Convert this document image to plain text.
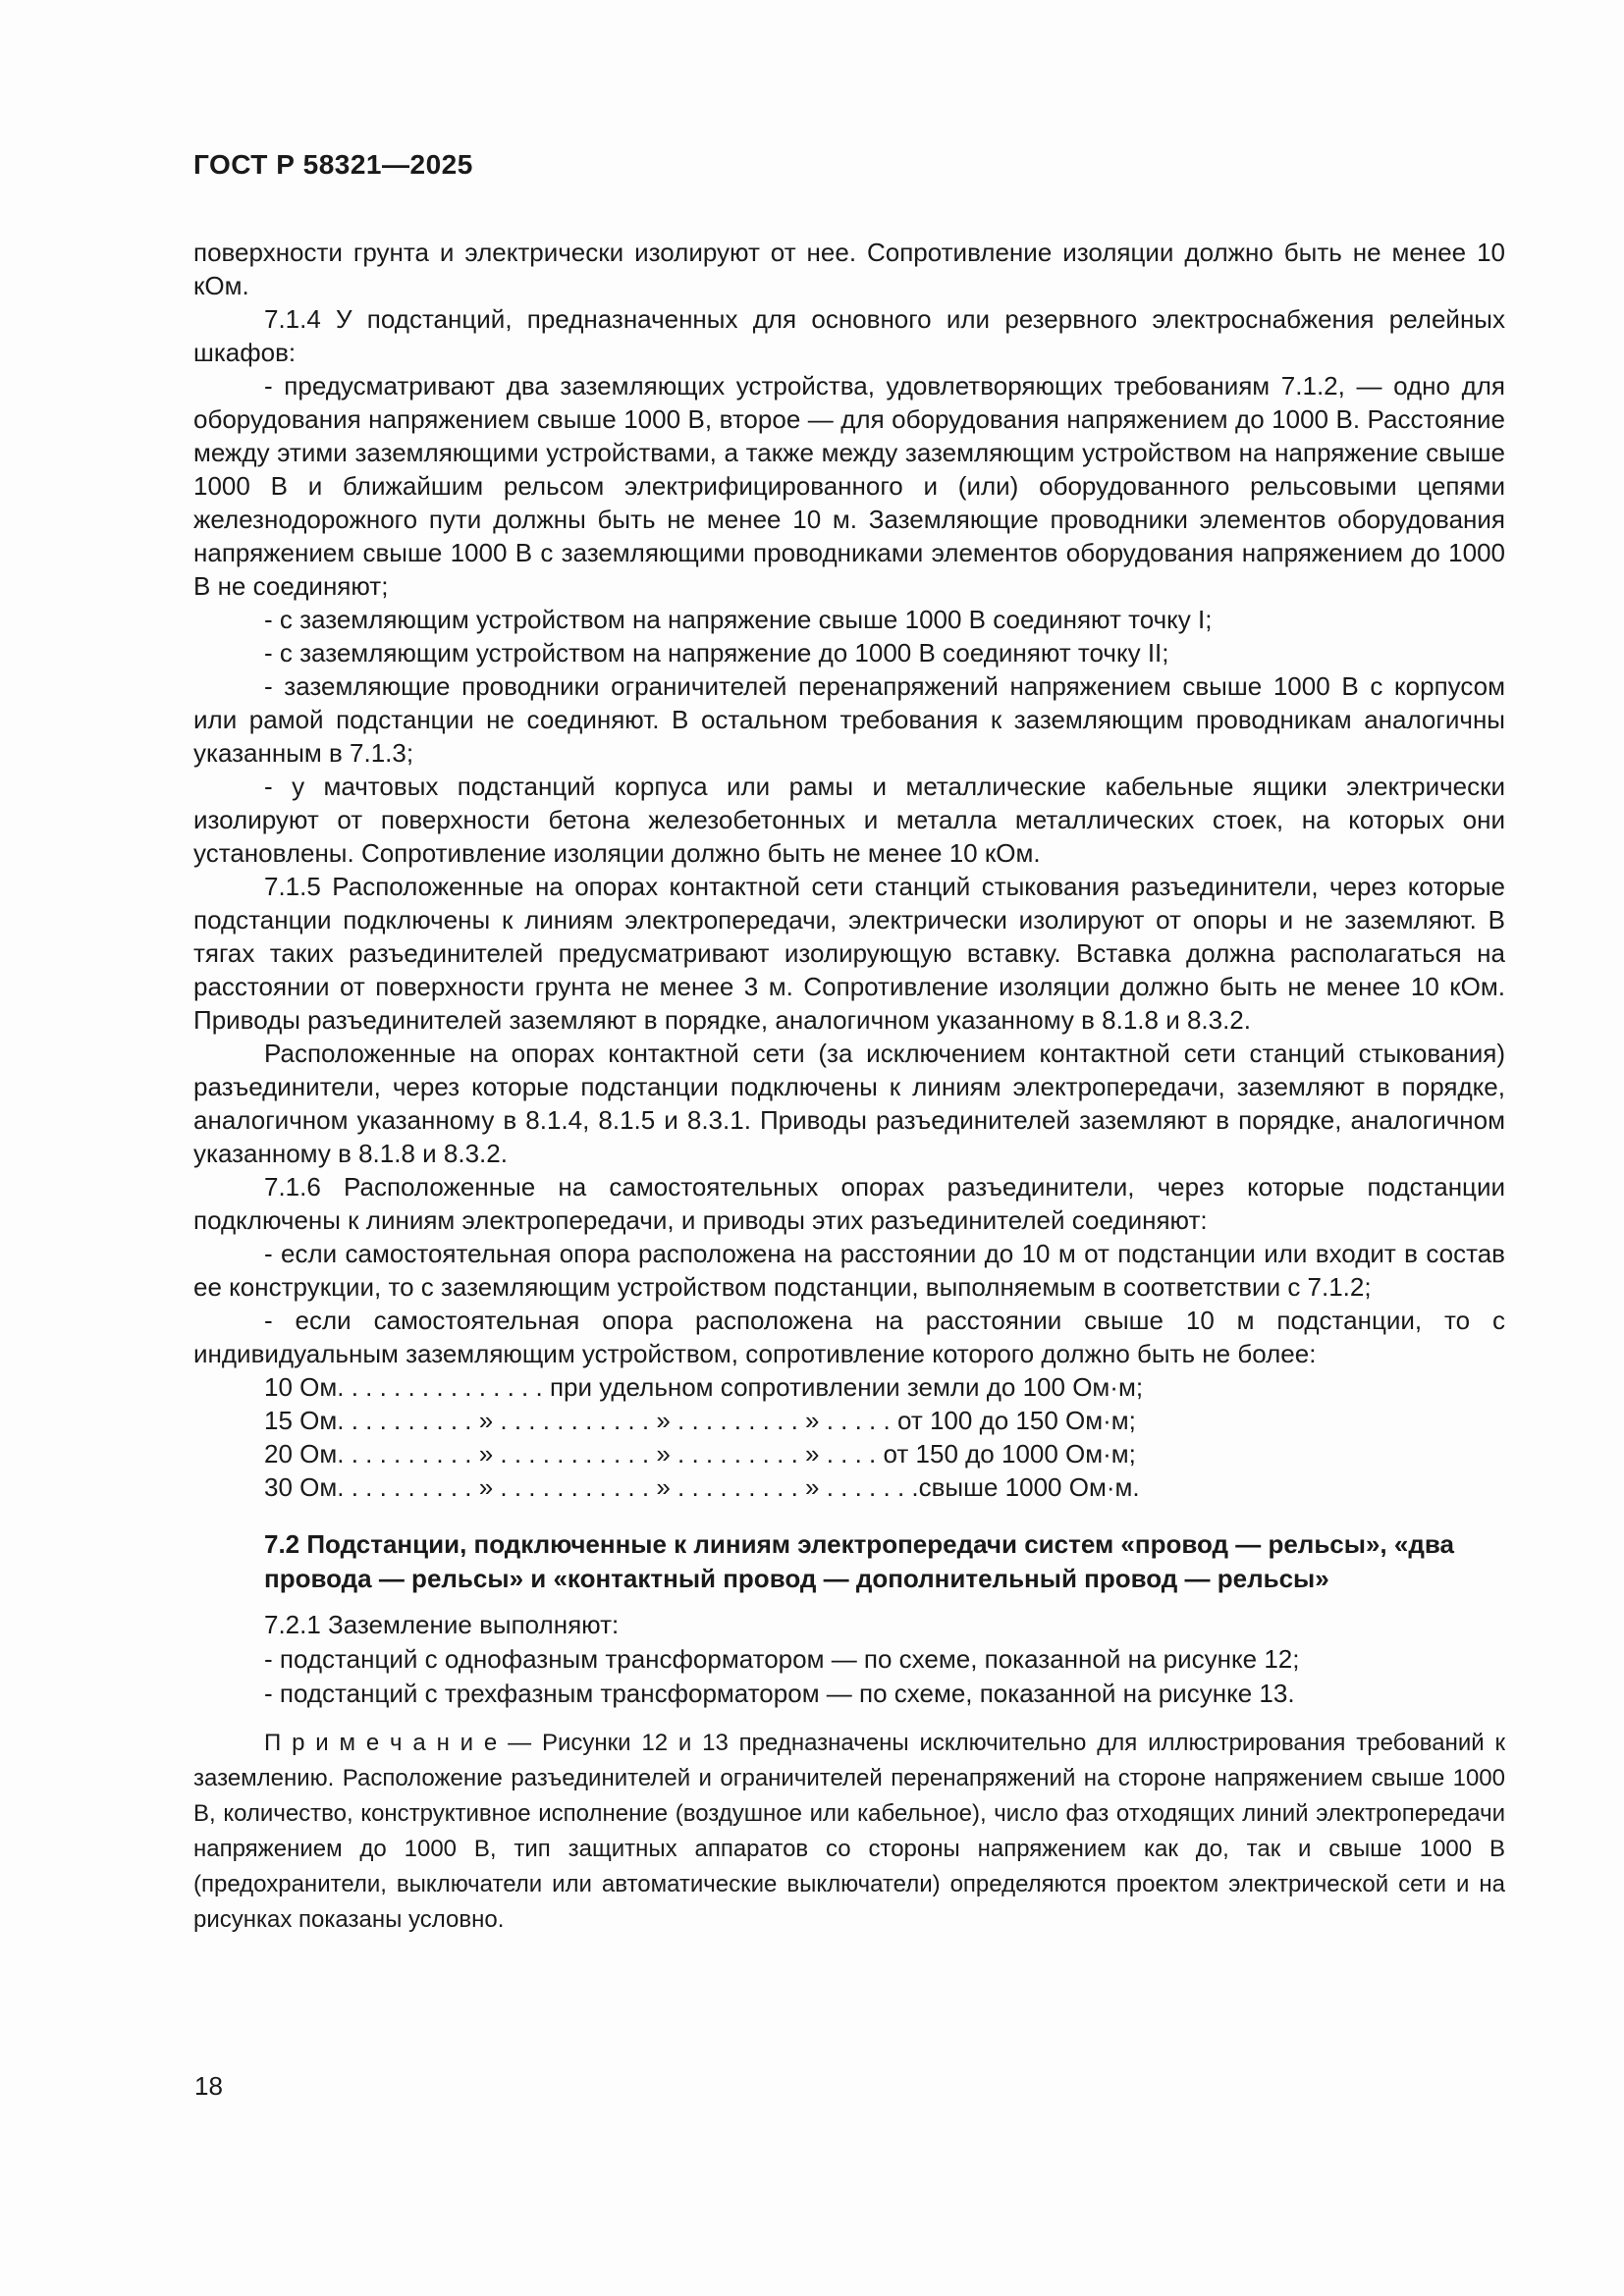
ГОСТ Р 58321—2025

поверхности грунта и электрически изолируют от нее. Сопротивление изоляции должно быть не менее 10 кОм.

7.1.4 У подстанций, предназначенных для основного или резервного электроснабжения релейных шкафов:

- предусматривают два заземляющих устройства, удовлетворяющих требованиям 7.1.2, — одно для оборудования напряжением свыше 1000 В, второе — для оборудования напряжением до 1000 В. Расстояние между этими заземляющими устройствами, а также между заземляющим устройством на напряжение свыше 1000 В и ближайшим рельсом электрифицированного и (или) оборудованного рельсовыми цепями железнодорожного пути должны быть не менее 10 м. Заземляющие проводники элементов оборудования напряжением свыше 1000 В с заземляющими проводниками элементов оборудования напряжением до 1000 В не соединяют;

- с заземляющим устройством на напряжение свыше 1000 В соединяют точку I;

- с заземляющим устройством на напряжение до 1000 В соединяют точку II;

- заземляющие проводники ограничителей перенапряжений напряжением свыше 1000 В с корпусом или рамой подстанции не соединяют. В остальном требования к заземляющим проводникам аналогичны указанным в 7.1.3;

- у мачтовых подстанций корпуса или рамы и металлические кабельные ящики электрически изолируют от поверхности бетона железобетонных и металла металлических стоек, на которых они установлены. Сопротивление изоляции должно быть не менее 10 кОм.

7.1.5 Расположенные на опорах контактной сети станций стыкования разъединители, через которые подстанции подключены к линиям электропередачи, электрически изолируют от опоры и не заземляют. В тягах таких разъединителей предусматривают изолирующую вставку. Вставка должна располагаться на расстоянии от поверхности грунта не менее 3 м. Сопротивление изоляции должно быть не менее 10 кОм. Приводы разъединителей заземляют в порядке, аналогичном указанному в 8.1.8 и 8.3.2.

Расположенные на опорах контактной сети (за исключением контактной сети станций стыкования) разъединители, через которые подстанции подключены к линиям электропередачи, заземляют в порядке, аналогичном указанному в 8.1.4, 8.1.5 и 8.3.1. Приводы разъединителей заземляют в порядке, аналогичном указанному в 8.1.8 и 8.3.2.

7.1.6 Расположенные на самостоятельных опорах разъединители, через которые подстанции подключены к линиям электропередачи, и приводы этих разъединителей соединяют:

- если самостоятельная опора расположена на расстоянии до 10 м от подстанции или входит в состав ее конструкции, то с заземляющим устройством подстанции, выполняемым в соответствии с 7.1.2;

- если самостоятельная опора расположена на расстоянии свыше 10 м подстанции, то с индивидуальным заземляющим устройством, сопротивление которого должно быть не более:

10 Ом. . . . . . . . . . . . . . . при удельном сопротивлении земли до 100 Ом·м;
15 Ом. . . . . . . . . . » . . . . . . . . . . . » . . . . . . . . . » . . . . . от 100 до 150 Ом·м;
20 Ом. . . . . . . . . . » . . . . . . . . . . . » . . . . . . . . . » . . . . от 150 до 1000 Ом·м;
30 Ом. . . . . . . . . . » . . . . . . . . . . . » . . . . . . . . . » . . . . . . .свыше 1000 Ом·м.
7.2 Подстанции, подключенные к линиям электропередачи систем «провод — рельсы», «два провода — рельсы» и «контактный провод — дополнительный провод — рельсы»
7.2.1 Заземление выполняют:
- подстанций с однофазным трансформатором — по схеме, показанной на рисунке 12;
- подстанций с трехфазным трансформатором — по схеме, показанной на рисунке 13.

П р и м е ч а н и е — Рисунки 12 и 13 предназначены исключительно для иллюстрирования требований к заземлению. Расположение разъединителей и ограничителей перенапряжений на стороне напряжением свыше 1000 В, количество, конструктивное исполнение (воздушное или кабельное), число фаз отходящих линий электропередачи напряжением до 1000 В, тип защитных аппаратов со стороны напряжением как до, так и свыше 1000 В (предохранители, выключатели или автоматические выключатели) определяются проектом электрической сети и на рисунках показаны условно.

18
